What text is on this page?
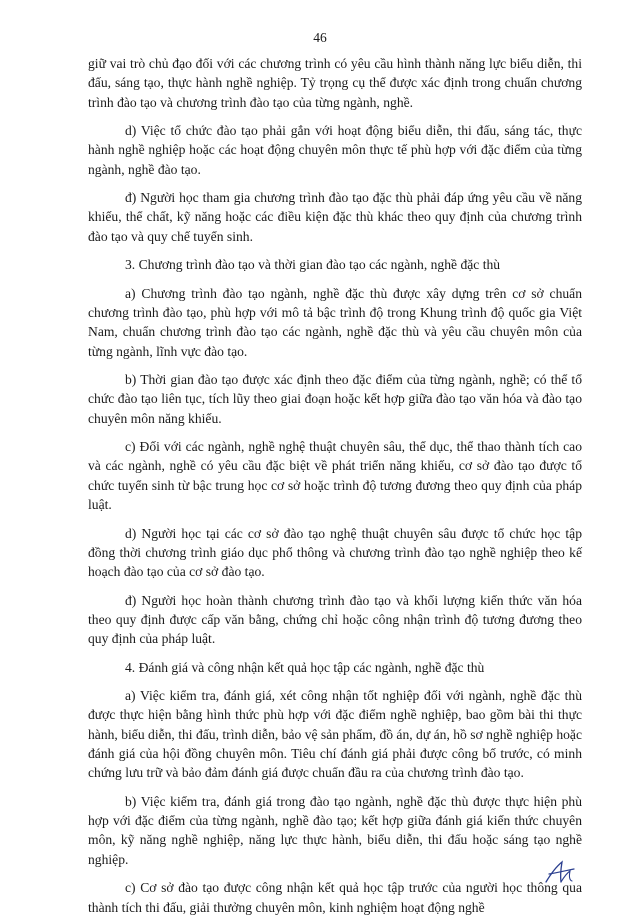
46

giữ vai trò chủ đạo đối với các chương trình có yêu cầu hình thành năng lực biểu diễn, thi đấu, sáng tạo, thực hành nghề nghiệp. Tỷ trọng cụ thể được xác định trong chuẩn chương trình đào tạo và chương trình đào tạo của từng ngành, nghề.

d) Việc tổ chức đào tạo phải gắn với hoạt động biểu diễn, thi đấu, sáng tác, thực hành nghề nghiệp hoặc các hoạt động chuyên môn thực tế phù hợp với đặc điểm của từng ngành, nghề đào tạo.

đ) Người học tham gia chương trình đào tạo đặc thù phải đáp ứng yêu cầu về năng khiếu, thể chất, kỹ năng hoặc các điều kiện đặc thù khác theo quy định của chương trình đào tạo và quy chế tuyển sinh.

3. Chương trình đào tạo và thời gian đào tạo các ngành, nghề đặc thù

a) Chương trình đào tạo ngành, nghề đặc thù được xây dựng trên cơ sở chuẩn chương trình đào tạo, phù hợp với mô tả bậc trình độ trong Khung trình độ quốc gia Việt Nam, chuẩn chương trình đào tạo các ngành, nghề đặc thù và yêu cầu chuyên môn của từng ngành, lĩnh vực đào tạo.

b) Thời gian đào tạo được xác định theo đặc điểm của từng ngành, nghề; có thể tổ chức đào tạo liên tục, tích lũy theo giai đoạn hoặc kết hợp giữa đào tạo văn hóa và đào tạo chuyên môn năng khiếu.

c) Đối với các ngành, nghề nghệ thuật chuyên sâu, thể dục, thể thao thành tích cao và các ngành, nghề có yêu cầu đặc biệt về phát triển năng khiếu, cơ sở đào tạo được tổ chức tuyển sinh từ bậc trung học cơ sở hoặc trình độ tương đương theo quy định của pháp luật.

d) Người học tại các cơ sở đào tạo nghệ thuật chuyên sâu được tổ chức học tập đồng thời chương trình giáo dục phổ thông và chương trình đào tạo nghề nghiệp theo kế hoạch đào tạo của cơ sở đào tạo.

đ) Người học hoàn thành chương trình đào tạo và khối lượng kiến thức văn hóa theo quy định được cấp văn bằng, chứng chỉ hoặc công nhận trình độ tương đương theo quy định của pháp luật.

4. Đánh giá và công nhận kết quả học tập các ngành, nghề đặc thù

a) Việc kiểm tra, đánh giá, xét công nhận tốt nghiệp đối với ngành, nghề đặc thù được thực hiện bằng hình thức phù hợp với đặc điểm nghề nghiệp, bao gồm bài thi thực hành, biểu diễn, thi đấu, trình diễn, bảo vệ sản phẩm, đồ án, dự án, hồ sơ nghề nghiệp hoặc đánh giá của hội đồng chuyên môn. Tiêu chí đánh giá phải được công bố trước, có minh chứng lưu trữ và bảo đảm đánh giá được chuẩn đầu ra của chương trình đào tạo.

b) Việc kiểm tra, đánh giá trong đào tạo ngành, nghề đặc thù được thực hiện phù hợp với đặc điểm của từng ngành, nghề đào tạo; kết hợp giữa đánh giá kiến thức chuyên môn, kỹ năng nghề nghiệp, năng lực thực hành, biểu diễn, thi đấu hoặc sáng tạo nghề nghiệp.

c) Cơ sở đào tạo được công nhận kết quả học tập trước của người học thông qua thành tích thi đấu, giải thưởng chuyên môn, kinh nghiệm hoạt động nghề
